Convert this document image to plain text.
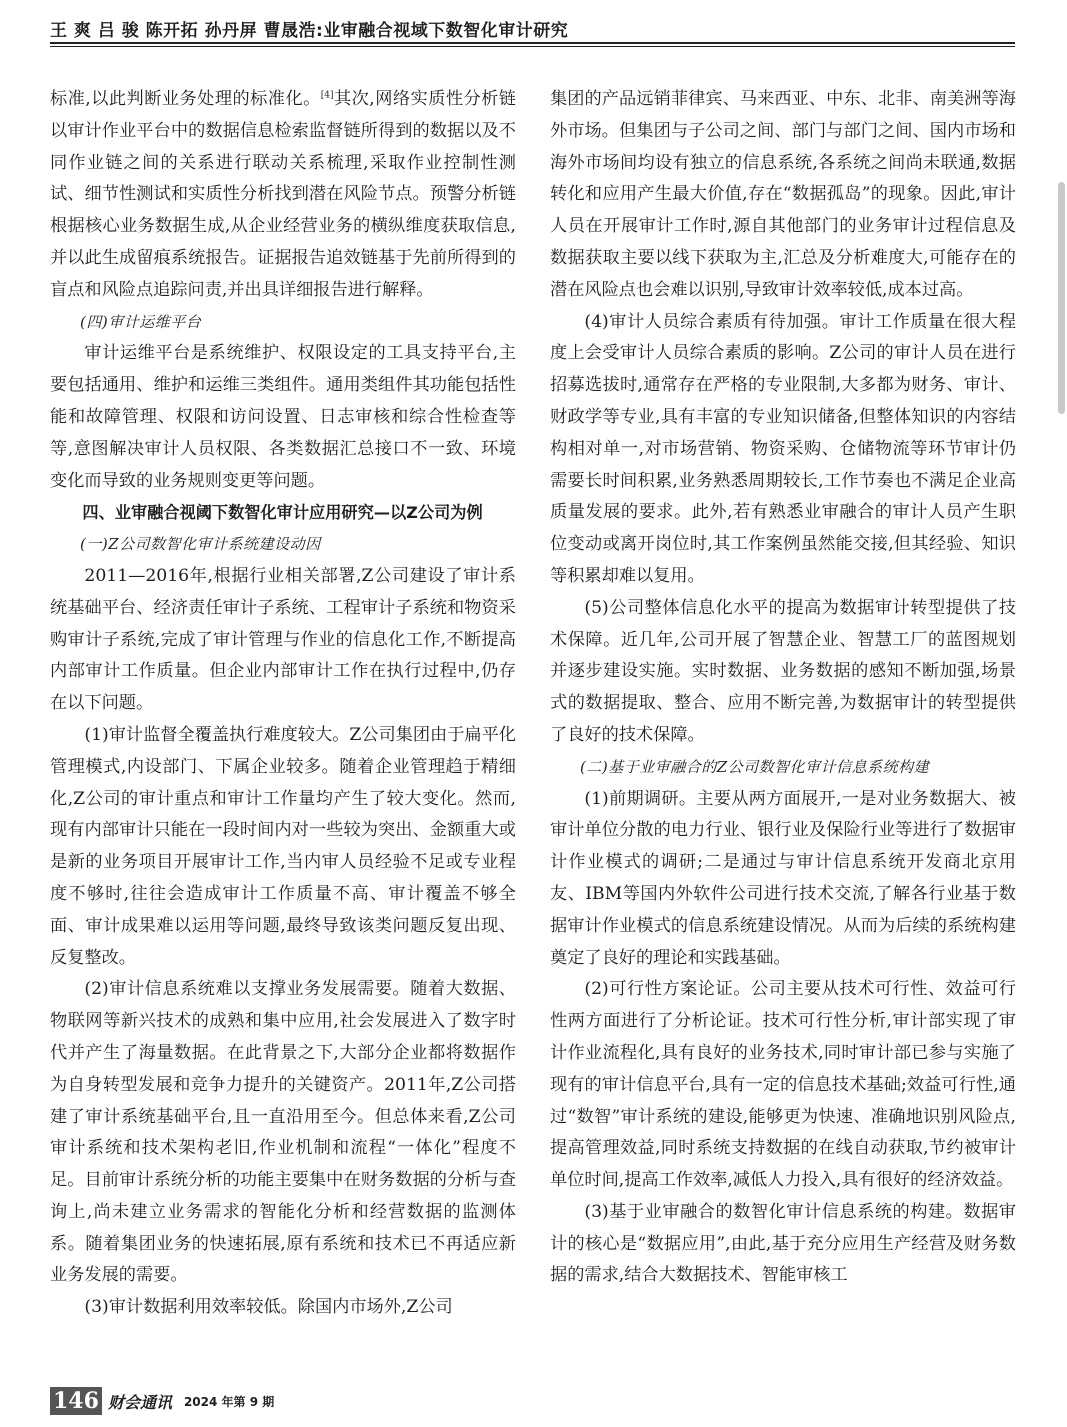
王 爽 吕 骏 陈开拓 孙丹屏 曹晟浩:业审融合视域下数智化审计研究

标准,以此判断业务处理的标准化。[4]其次,网络实质性分析链以审计作业平台中的数据信息检索监督链所得到的数据以及不同作业链之间的关系进行联动关系梳理,采取作业控制性测试、细节性测试和实质性分析找到潜在风险节点。预警分析链根据核心业务数据生成,从企业经营业务的横纵维度获取信息,并以此生成留痕系统报告。证据报告追效链基于先前所得到的盲点和风险点追踪问责,并出具详细报告进行解释。

(四)审计运维平台

审计运维平台是系统维护、权限设定的工具支持平台,主要包括通用、维护和运维三类组件。通用类组件其功能包括性能和故障管理、权限和访问设置、日志审核和综合性检查等等,意图解决审计人员权限、各类数据汇总接口不一致、环境变化而导致的业务规则变更等问题。

四、业审融合视阈下数智化审计应用研究—以Z公司为例

(一)Z公司数智化审计系统建设动因

2011—2016年,根据行业相关部署,Z公司建设了审计系统基础平台、经济责任审计子系统、工程审计子系统和物资采购审计子系统,完成了审计管理与作业的信息化工作,不断提高内部审计工作质量。但企业内部审计工作在执行过程中,仍存在以下问题。

(1)审计监督全覆盖执行难度较大。Z公司集团由于扁平化管理模式,内设部门、下属企业较多。随着企业管理趋于精细化,Z公司的审计重点和审计工作量均产生了较大变化。然而,现有内部审计只能在一段时间内对一些较为突出、金额重大或是新的业务项目开展审计工作,当内审人员经验不足或专业程度不够时,往往会造成审计工作质量不高、审计覆盖不够全面、审计成果难以运用等问题,最终导致该类问题反复出现、反复整改。

(2)审计信息系统难以支撑业务发展需要。随着大数据、物联网等新兴技术的成熟和集中应用,社会发展进入了数字时代并产生了海量数据。在此背景之下,大部分企业都将数据作为自身转型发展和竞争力提升的关键资产。2011年,Z公司搭建了审计系统基础平台,且一直沿用至今。但总体来看,Z公司审计系统和技术架构老旧,作业机制和流程“一体化”程度不足。目前审计系统分析的功能主要集中在财务数据的分析与查询上,尚未建立业务需求的智能化分析和经营数据的监测体系。随着集团业务的快速拓展,原有系统和技术已不再适应新业务发展的需要。

(3)审计数据利用效率较低。除国内市场外,Z公司

集团的产品远销菲律宾、马来西亚、中东、北非、南美洲等海外市场。但集团与子公司之间、部门与部门之间、国内市场和海外市场间均设有独立的信息系统,各系统之间尚未联通,数据转化和应用产生最大价值,存在“数据孤岛”的现象。因此,审计人员在开展审计工作时,源自其他部门的业务审计过程信息及数据获取主要以线下获取为主,汇总及分析难度大,可能存在的潜在风险点也会难以识别,导致审计效率较低,成本过高。

(4)审计人员综合素质有待加强。审计工作质量在很大程度上会受审计人员综合素质的影响。Z公司的审计人员在进行招募选拔时,通常存在严格的专业限制,大多都为财务、审计、财政学等专业,具有丰富的专业知识储备,但整体知识的内容结构相对单一,对市场营销、物资采购、仓储物流等环节审计仍需要长时间积累,业务熟悉周期较长,工作节奏也不满足企业高质量发展的要求。此外,若有熟悉业审融合的审计人员产生职位变动或离开岗位时,其工作案例虽然能交接,但其经验、知识等积累却难以复用。

(5)公司整体信息化水平的提高为数据审计转型提供了技术保障。近几年,公司开展了智慧企业、智慧工厂的蓝图规划并逐步建设实施。实时数据、业务数据的感知不断加强,场景式的数据提取、整合、应用不断完善,为数据审计的转型提供了良好的技术保障。

(二)基于业审融合的Z公司数智化审计信息系统构建

(1)前期调研。主要从两方面展开,一是对业务数据大、被审计单位分散的电力行业、银行业及保险行业等进行了数据审计作业模式的调研;二是通过与审计信息系统开发商北京用友、IBM等国内外软件公司进行技术交流,了解各行业基于数据审计作业模式的信息系统建设情况。从而为后续的系统构建奠定了良好的理论和实践基础。

(2)可行性方案论证。公司主要从技术可行性、效益可行性两方面进行了分析论证。技术可行性分析,审计部实现了审计作业流程化,具有良好的业务技术,同时审计部已参与实施了现有的审计信息平台,具有一定的信息技术基础;效益可行性,通过“数智”审计系统的建设,能够更为快速、准确地识别风险点,提高管理效益,同时系统支持数据的在线自动获取,节约被审计单位时间,提高工作效率,减低人力投入,具有很好的经济效益。

(3)基于业审融合的数智化审计信息系统的构建。数据审计的核心是“数据应用”,由此,基于充分应用生产经营及财务数据的需求,结合大数据技术、智能审核工

146 财会通讯 2024 年第 9 期
